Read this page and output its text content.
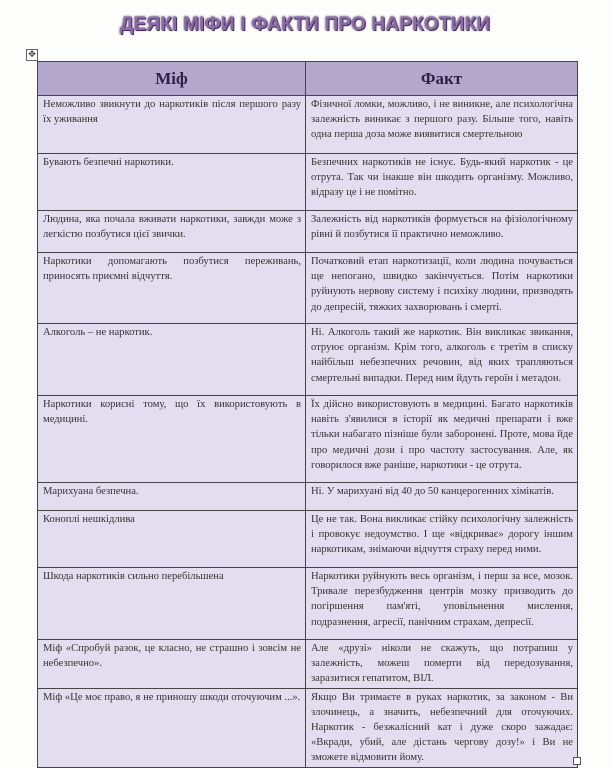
ДЕЯКІ МІФИ І ФАКТИ ПРО НАРКОТИКИ
✥
Міф	Факт
Неможливо звикнути до наркотиків після першого разу їх уживання	Фізичної ломки, можливо, і не виникне, але психологічна залежність виникає з першого разу. Більше того, навіть одна перша доза може виявитися смертельною
Бувають безпечні наркотики.	Безпечних наркотиків не існує. Будь-який наркотик - це отрута. Так чи інакше він шкодить організму. Можливо, відразу це і не помітно.
Людина, яка почала вживати наркотики, завжди може з легкістю позбутися цієї звички.	Залежність від наркотиків формується на фізіологічному рівні й позбутися її практично неможливо.
Наркотики допомагають позбутися переживань, приносять приємні відчуття.	Початковий етап наркотизації, коли людина почувається ще непогано, швидко закінчується. Потім наркотики руйнують нервову систему і психіку людини, призводять до депресій, тяжких захворювань і смерті.
Алкоголь – не наркотик.	Ні. Алкоголь такий же наркотик. Він викликає звикання, отруює організм. Крім того, алкоголь є третім в списку найбільш небезпечних речовин, від яких трапляються смертельні випадки. Перед ним йдуть героїн і метадон.
Наркотики корисні тому, що їх використовують в медицині.	Їх дійсно використовують в медицині. Багато наркотиків навіть з'явилися в історії як медичні препарати і вже тільки набагато пізніше були заборонені. Проте, мова йде про медичні дози і про частоту застосування. Але, як говорилося вже раніше, наркотики - це отрута.
Марихуана безпечна.	Ні. У марихуані від 40 до 50 канцерогенних хімікатів.
Коноплі нешкідлива	Це не так. Вона викликає стійку психологічну залежність і провокує недоумство. І ще «відкриває» дорогу іншим наркотикам, знімаючи відчуття страху перед ними.
Шкода наркотиків сильно перебільшена	Наркотики руйнують весь організм, і перш за все, мозок. Тривале перезбудження центрів мозку призводить до погіршення пам'яті, уповільнення мислення, подразнення, агресії, панічним страхам, депресії.
Міф «Спробуй разок, це класно, не страшно і зовсім не небезпечно».	Але «друзі» ніколи не скажуть, що потрапиш у залежність, можеш померти від передозування, заразитися гепатитом, ВІЛ.
Міф «Це моє право, я не приношу шкоди оточуючим ...».	Якщо Ви тримаєте в руках наркотик, за законом - Ви злочинець, а значить, небезпечний для оточуючих. Наркотик - безжалісний кат і дуже скоро зажадає: «Вкради, убий, але дістань чергову дозу!» і Ви не зможете відмовити йому.
